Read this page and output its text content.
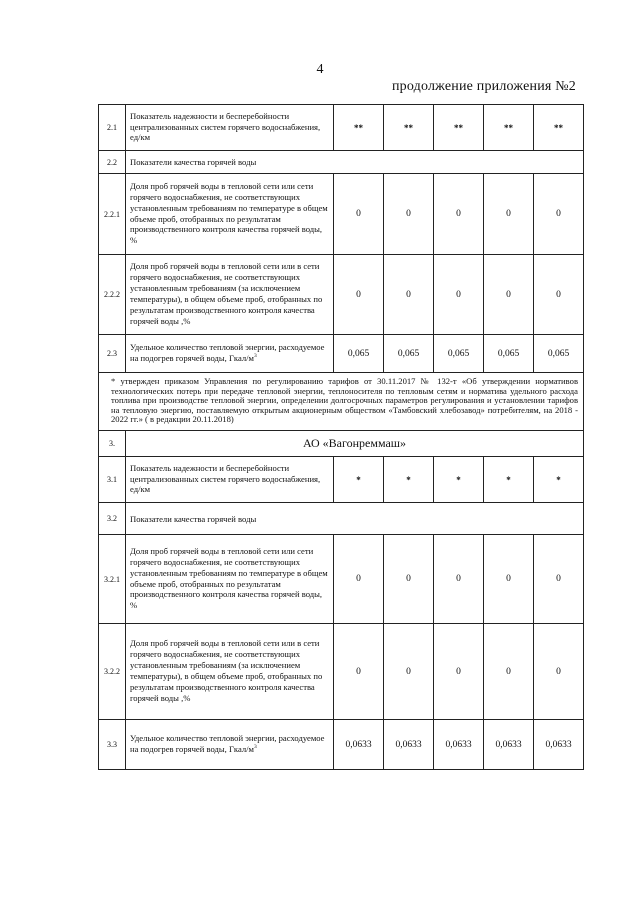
4
продолжение приложения №2
2.1	Показатель надежности и бесперебойности централизованных систем горячего водоснабжения, ед/км	**	**	**	**	**
2.2	Показатели качества горячей воды					
2.2.1	Доля проб горячей воды в тепловой сети или сети горячего водоснабжения, не соответствующих установленным требованиям по температуре в общем объеме проб, отобранных по результатам производственного контроля качества горячей воды, %	0	0	0	0	0
2.2.2	Доля проб горячей воды в тепловой сети или в сети горячего водоснабжения, не соответствующих установленным требованиям (за исключением температуры), в общем объеме проб, отобранных по результатам производственного контроля качества горячей воды ,%	0	0	0	0	0
2.3	Удельное количество тепловой энергии, расходуемое на подогрев горячей воды, Гкал/$м^3$	0,065	0,065	0,065	0,065	0,065
* утвержден приказом Управления по регулированию тарифов от 30.11.2017 № 132-т «Об утверждении нормативов технологических потерь при передаче тепловой энергии, теплоносителя по тепловым сетям и норматива удельного расхода топлива при производстве тепловой энергии, определении долгосрочных параметров регулирования и установлении тарифов на тепловую энергию, поставляемую открытым акционерным обществом «Тамбовский хлебозавод» потребителям, на 2018 - 2022 гг.» ( в редакции 20.11.2018)						
3.	АО «Вагонреммаш»					
3.1	Показатель надежности и бесперебойности централизованных систем горячего водоснабжения, ед/км	*	*	*	*	*
3.2	Показатели качества горячей воды					
3.2.1	Доля проб горячей воды в тепловой сети или сети горячего водоснабжения, не соответствующих установленным требованиям по температуре в общем объеме проб, отобранных по результатам производственного контроля качества горячей воды, %	0	0	0	0	0
3.2.2	Доля проб горячей воды в тепловой сети или в сети горячего водоснабжения, не соответствующих установленным требованиям (за исключением температуры), в общем объеме проб, отобранных по результатам производственного контроля качества горячей воды ,%	0	0	0	0	0
3.3	Удельное количество тепловой энергии, расходуемое на подогрев горячей воды, Гкал/$м^3$	0,0633	0,0633	0,0633	0,0633	0,0633
